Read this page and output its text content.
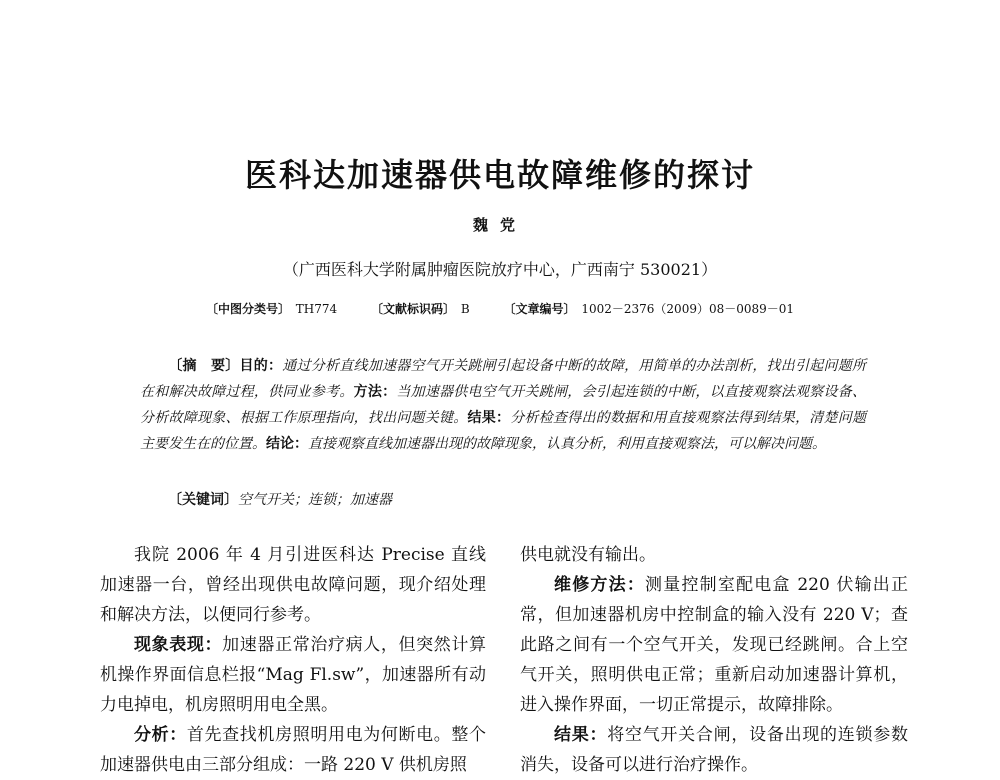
医科达加速器供电故障维修的探讨
魏党
（广西医科大学附属肿瘤医院放疗中心，广西南宁 530021）
〔中图分类号〕 TH774	〔文献标识码〕 B	〔文章编号〕 1002－2376（2009）08－0089－01

〔摘　要〕目的：通过分析直线加速器空气开关跳闸引起设备中断的故障，用简单的办法剖析，找出引起问题所在和解决故障过程，供同业参考。方法：当加速器供电空气开关跳闸，会引起连锁的中断，以直接观察法观察设备、分析故障现象、根据工作原理指向，找出问题关键。结果：分析检查得出的数据和用直接观察法得到结果，清楚问题主要发生在的位置。结论：直接观察直线加速器出现的故障现象，认真分析，利用直接观察法，可以解决问题。

〔关键词〕空气开关；连锁；加速器

我院 2006 年 4 月引进医科达 Precise 直线加速器一台，曾经出现供电故障问题，现介绍处理和解决方法，以便同行参考。

现象表现：加速器正常治疗病人，但突然计算机操作界面信息栏报“Mag Fl.sw”，加速器所有动力电掉电，机房照明用电全黑。

分析：首先查找机房照明用电为何断电。整个加速器供电由三部分组成：一路 220 V 供机房照

供电就没有输出。

维修方法：测量控制室配电盒 220 伏输出正常，但加速器机房中控制盒的输入没有 220 V；查此路之间有一个空气开关，发现已经跳闸。合上空气开关，照明供电正常；重新启动加速器计算机，进入操作界面，一切正常提示，故障排除。

结果：将空气开关合闸，设备出现的连锁参数消失，设备可以进行治疗操作。
